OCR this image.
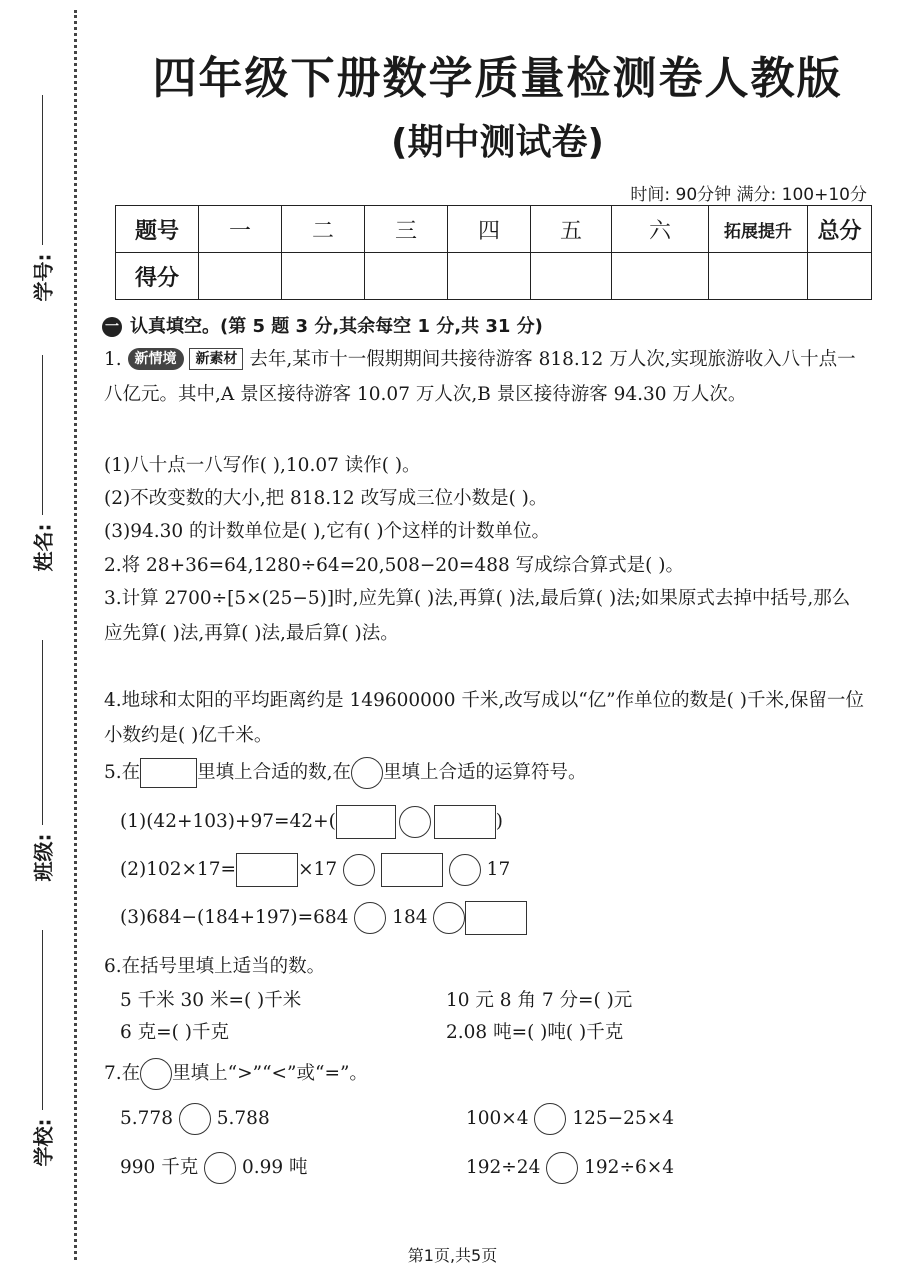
学号:
姓名:
班级:
学校:
四年级下册数学质量检测卷人教版
(期中测试卷)
时间: 90分钟 满分: 100+10分
题号	一	二	三	四	五	六	拓展提升	总分
得分								
一 认真填空。(第 5 题 3 分,其余每空 1 分,共 31 分)
1. 新情境 新素材 去年,某市十一假期期间共接待游客 818.12 万人次,实现旅游收入八十点一八亿元。其中,A 景区接待游客 10.07 万人次,B 景区接待游客 94.30 万人次。
(1)八十点一八写作( ),10.07 读作( )。
(2)不改变数的大小,把 818.12 改写成三位小数是( )。
(3)94.30 的计数单位是( ),它有( )个这样的计数单位。
2.将 28+36=64,1280÷64=20,508−20=488 写成综合算式是( )。
3.计算 2700÷[5×(25−5)]时,应先算( )法,再算( )法,最后算( )法;如果原式去掉中括号,那么应先算( )法,再算( )法,最后算( )法。
4.地球和太阳的平均距离约是 149600000 千米,改写成以“亿”作单位的数是( )千米,保留一位小数约是( )亿千米。
5.在	里填上合适的数,在 里填上合适的运算符号。
(1)(42+103)+97=42+(	)
(2)102×17=	×17	17
(3)684−(184+197)=684 184
6.在括号里填上适当的数。
5 千米 30 米=( )千米	10 元 8 角 7 分=( )元
6 克=( )千克	2.08 吨=( )吨( )千克
7.在 里填上“>”“<”或“=”。
5.778 5.788	100×4 125−25×4
990 千克 0.99 吨	192÷24 192÷6×4
第1页,共5页
